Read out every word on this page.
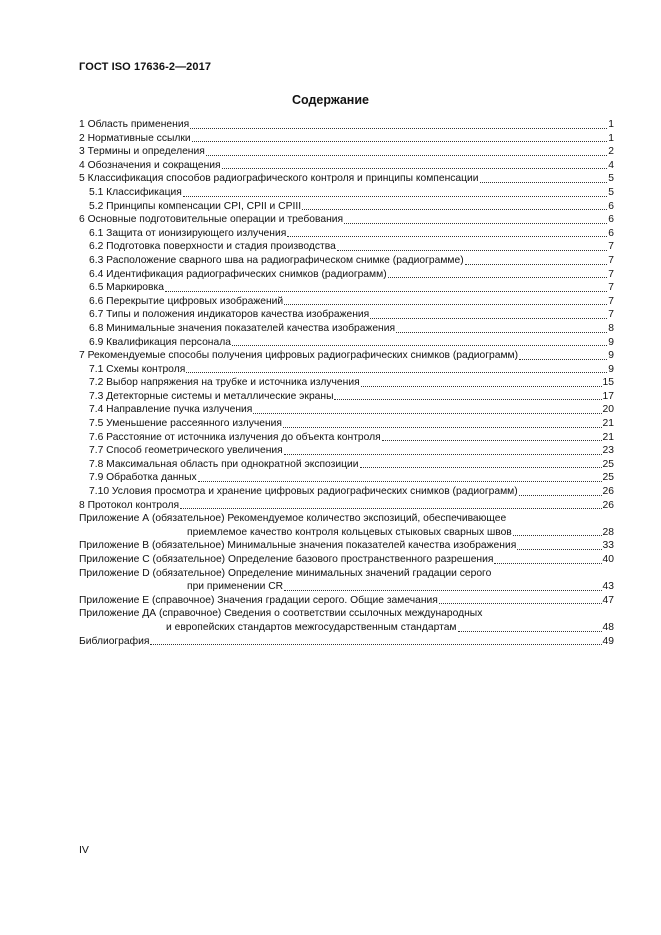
ГОСТ ISO 17636-2—2017
Содержание
1 Область применения	1
2 Нормативные ссылки	1
3 Термины и определения	2
4 Обозначения и сокращения	4
5 Классификация способов радиографического контроля и принципы компенсации	5
5.1 Классификация	5
5.2 Принципы компенсации CPI, CPII и CPIII	6
6 Основные подготовительные операции и требования	6
6.1 Защита от ионизирующего излучения	6
6.2 Подготовка поверхности и стадия производства	7
6.3 Расположение сварного шва на радиографическом снимке (радиограмме)	7
6.4 Идентификация радиографических снимков (радиограмм)	7
6.5 Маркировка	7
6.6 Перекрытие цифровых изображений	7
6.7 Типы и положения индикаторов качества изображения	7
6.8 Минимальные значения показателей качества изображения	8
6.9 Квалификация персонала	9
7 Рекомендуемые способы получения цифровых радиографических снимков (радиограмм)	9
7.1 Схемы контроля	9
7.2 Выбор напряжения на трубке и источника излучения	15
7.3 Детекторные системы и металлические экраны	17
7.4 Направление пучка излучения	20
7.5 Уменьшение рассеянного излучения	21
7.6 Расстояние от источника излучения до объекта контроля	21
7.7 Способ геометрического увеличения	23
7.8 Максимальная область при однократной экспозиции	25
7.9 Обработка данных	25
7.10 Условия просмотра и хранение цифровых радиографических снимков (радиограмм)	26
8 Протокол контроля	26
Приложение А (обязательное) Рекомендуемое количество экспозиций, обеспечивающее
приемлемое качество контроля кольцевых стыковых сварных швов	28
Приложение В (обязательное) Минимальные значения показателей качества изображения	33
Приложение С (обязательное) Определение базового пространственного разрешения	40
Приложение D (обязательное) Определение минимальных значений градации серого
при применении CR	43
Приложение Е (справочное) Значения градации серого. Общие замечания	47
Приложение ДА (справочное) Сведения о соответствии ссылочных международных
и европейских стандартов межгосударственным стандартам	48
Библиография	49
IV
